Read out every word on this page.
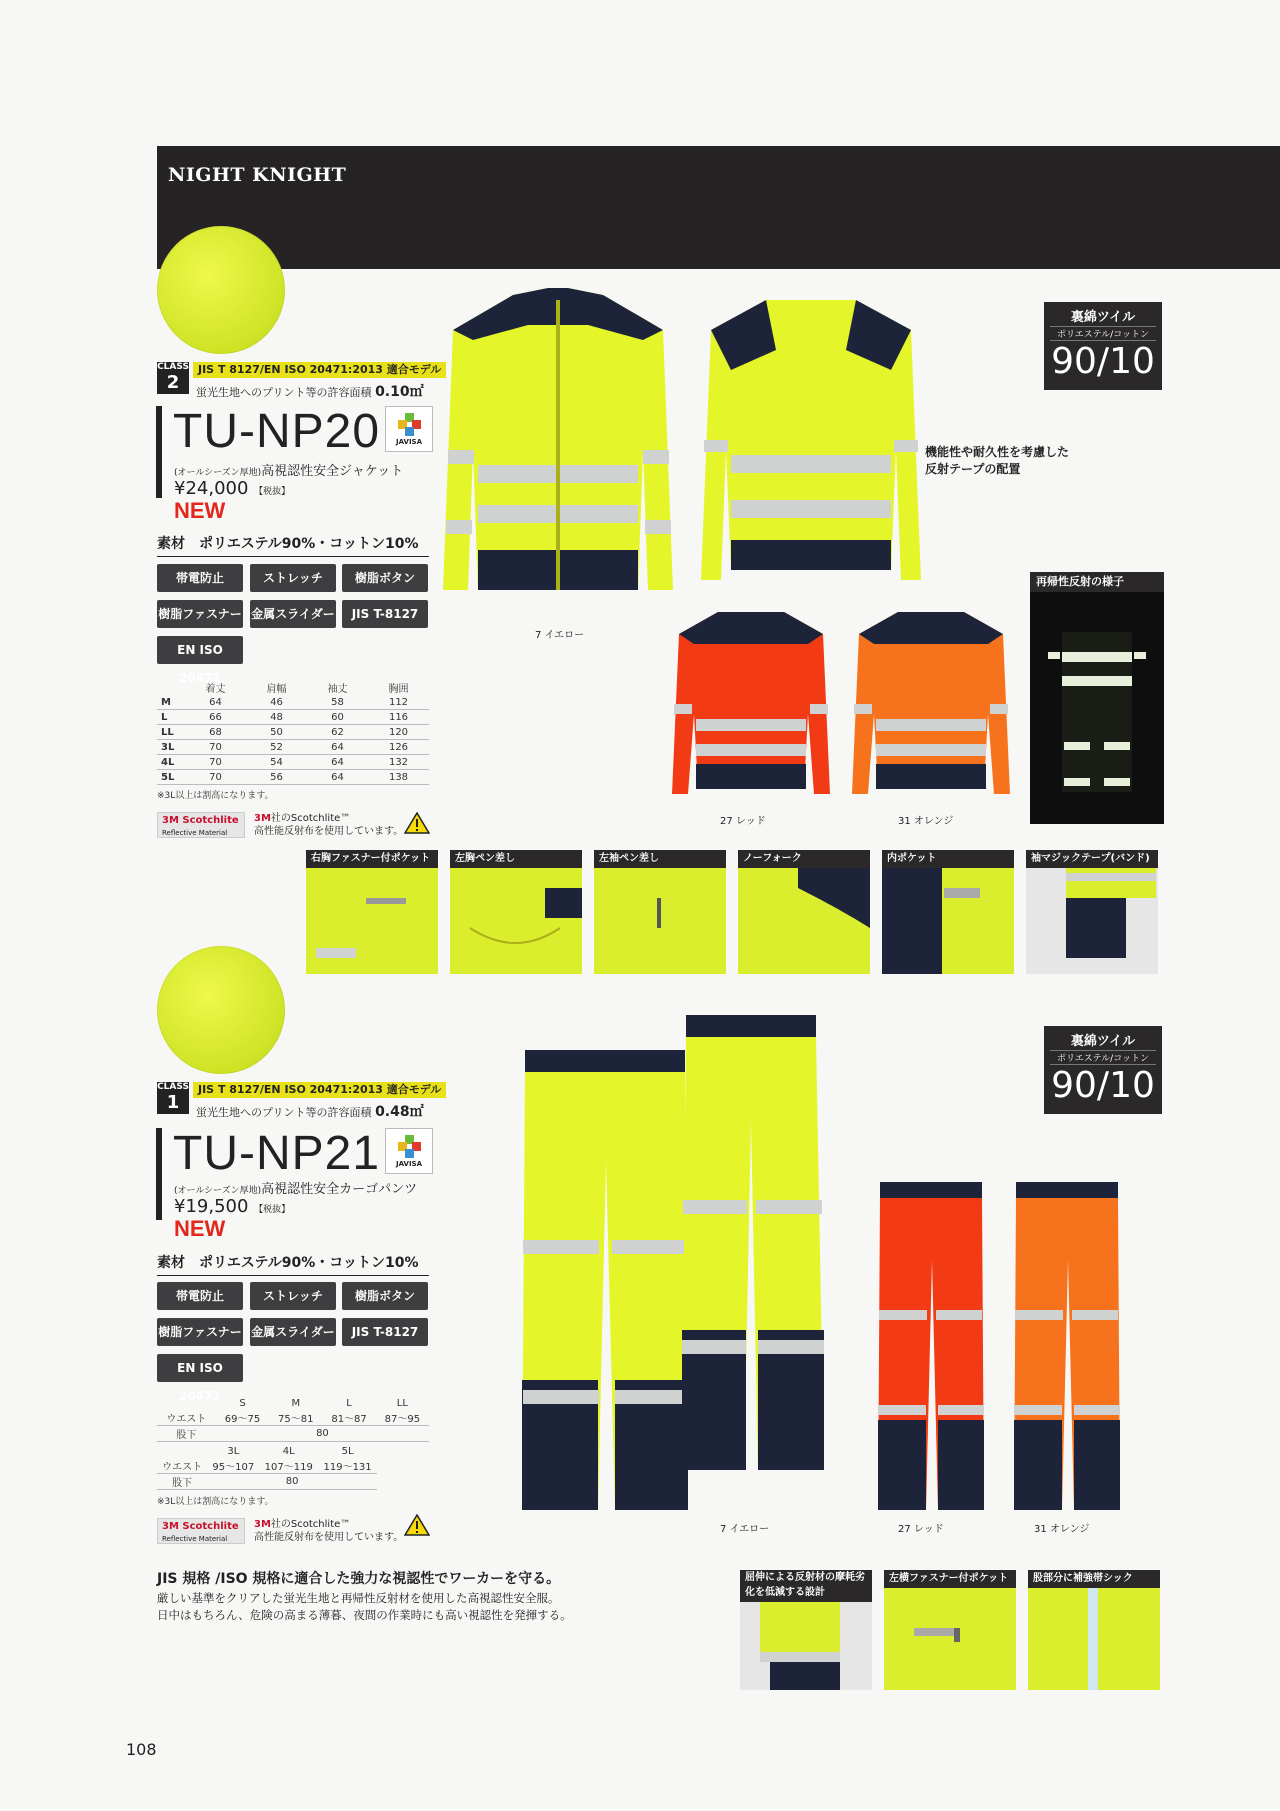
NIGHT KNIGHT
CLASS
2
JIS T 8127/EN ISO 20471:2013 適合モデル
蛍光生地へのプリント等の許容面積 0.10㎡
TU-NP20	JAVISA
(オールシーズン厚地)高視認性安全ジャケット
¥24,000 【税抜】
NEW
素材　ポリエステル90%・コットン10%
帯電防止	ストレッチ	樹脂ボタン
樹脂ファスナー 金属スライダー	JIS T-8127
EN ISO 20471
	着丈	肩幅	袖丈	胸囲
M	64	46	58	112
L	66	48	60	116
LL	68	50	62	120
3L	70	52	64	126
4L	70	54	64	132
5L	70	56	64	138
※3L以上は割高になります。
3M Scotchlite
Reflective Material
3M社のScotchlite™
高性能反射布を使用しています。
7 イエロー
裏綿ツイル
ポリエステル/コットン
90/10
機能性や耐久性を考慮した
反射テープの配置
27 レッド	31 オレンジ
再帰性反射の様子
右胸ファスナー付ポケット	左胸ペン差し	左袖ペン差し	ノーフォーク	内ポケット	袖マジックテープ(バンド)
CLASS
1
JIS T 8127/EN ISO 20471:2013 適合モデル
蛍光生地へのプリント等の許容面積 0.48㎡
TU-NP21	JAVISA
(オールシーズン厚地)高視認性安全カーゴパンツ
¥19,500 【税抜】
NEW
素材　ポリエステル90%・コットン10%
帯電防止	ストレッチ	樹脂ボタン
樹脂ファスナー 金属スライダー	JIS T-8127
EN ISO 20471
		S	M	L	LL
ウエスト	69〜75	75〜81	81〜87	87〜95
股下	80			
	3L	4L	5L
ウエスト	95〜107	107〜119	119〜131
股下	80		
※3L以上は割高になります。
3M Scotchlite
Reflective Material
3M社のScotchlite™
高性能反射布を使用しています。
7 イエロー
裏綿ツイル
ポリエステル/コットン
90/10
27 レッド	31 オレンジ
JIS 規格 /ISO 規格に適合した強力な視認性でワーカーを守る。
厳しい基準をクリアした蛍光生地と再帰性反射材を使用した高視認性安全服。
日中はもちろん、危険の高まる薄暮、夜間の作業時にも高い視認性を発揮する。
屈伸による反射材の摩耗劣化を低減する設計
左横ファスナー付ポケット	股部分に補強帯シック
108
